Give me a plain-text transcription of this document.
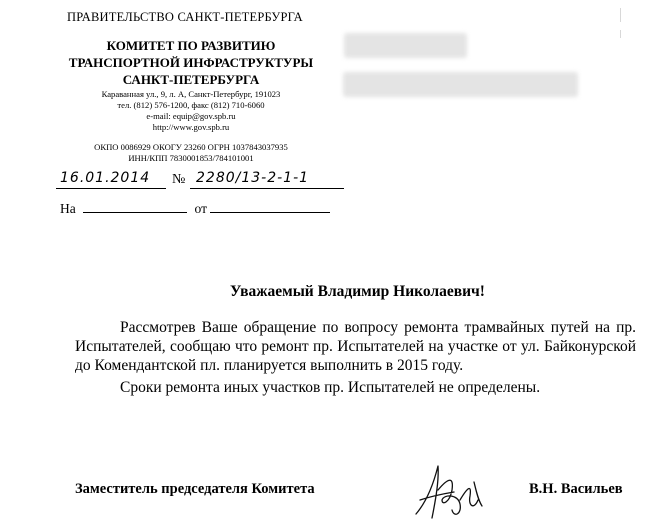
ПРАВИТЕЛЬСТВО САНКТ-ПЕТЕРБУРГА
КОМИТЕТ ПО РАЗВИТИЮ
ТРАНСПОРТНОЙ ИНФРАСТРУКТУРЫ
САНКТ-ПЕТЕРБУРГА
Караванная ул., 9, л. А, Санкт-Петербург, 191023
тел. (812) 576-1200, факс (812) 710-6060
e-mail: equip@gov.spb.ru
http://www.gov.spb.ru
ОКПО 0086929 ОКОГУ 23260 ОГРН 1037843037935
ИНН/КПП 7830001853/784101001
16.01.2014 № 2280/13-2-1-1
На	от
Уважаемый Владимир Николаевич!

Рассмотрев Ваше обращение по вопросу ремонта трамвайных путей на пр. Испытателей, сообщаю что ремонт пр. Испытателей на участке от ул. Байконурской до Комендантской пл. планируется выполнить в 2015 году.

Сроки ремонта иных участков пр. Испытателей не определены.

Заместитель председателя Комитета	В.Н. Васильев
